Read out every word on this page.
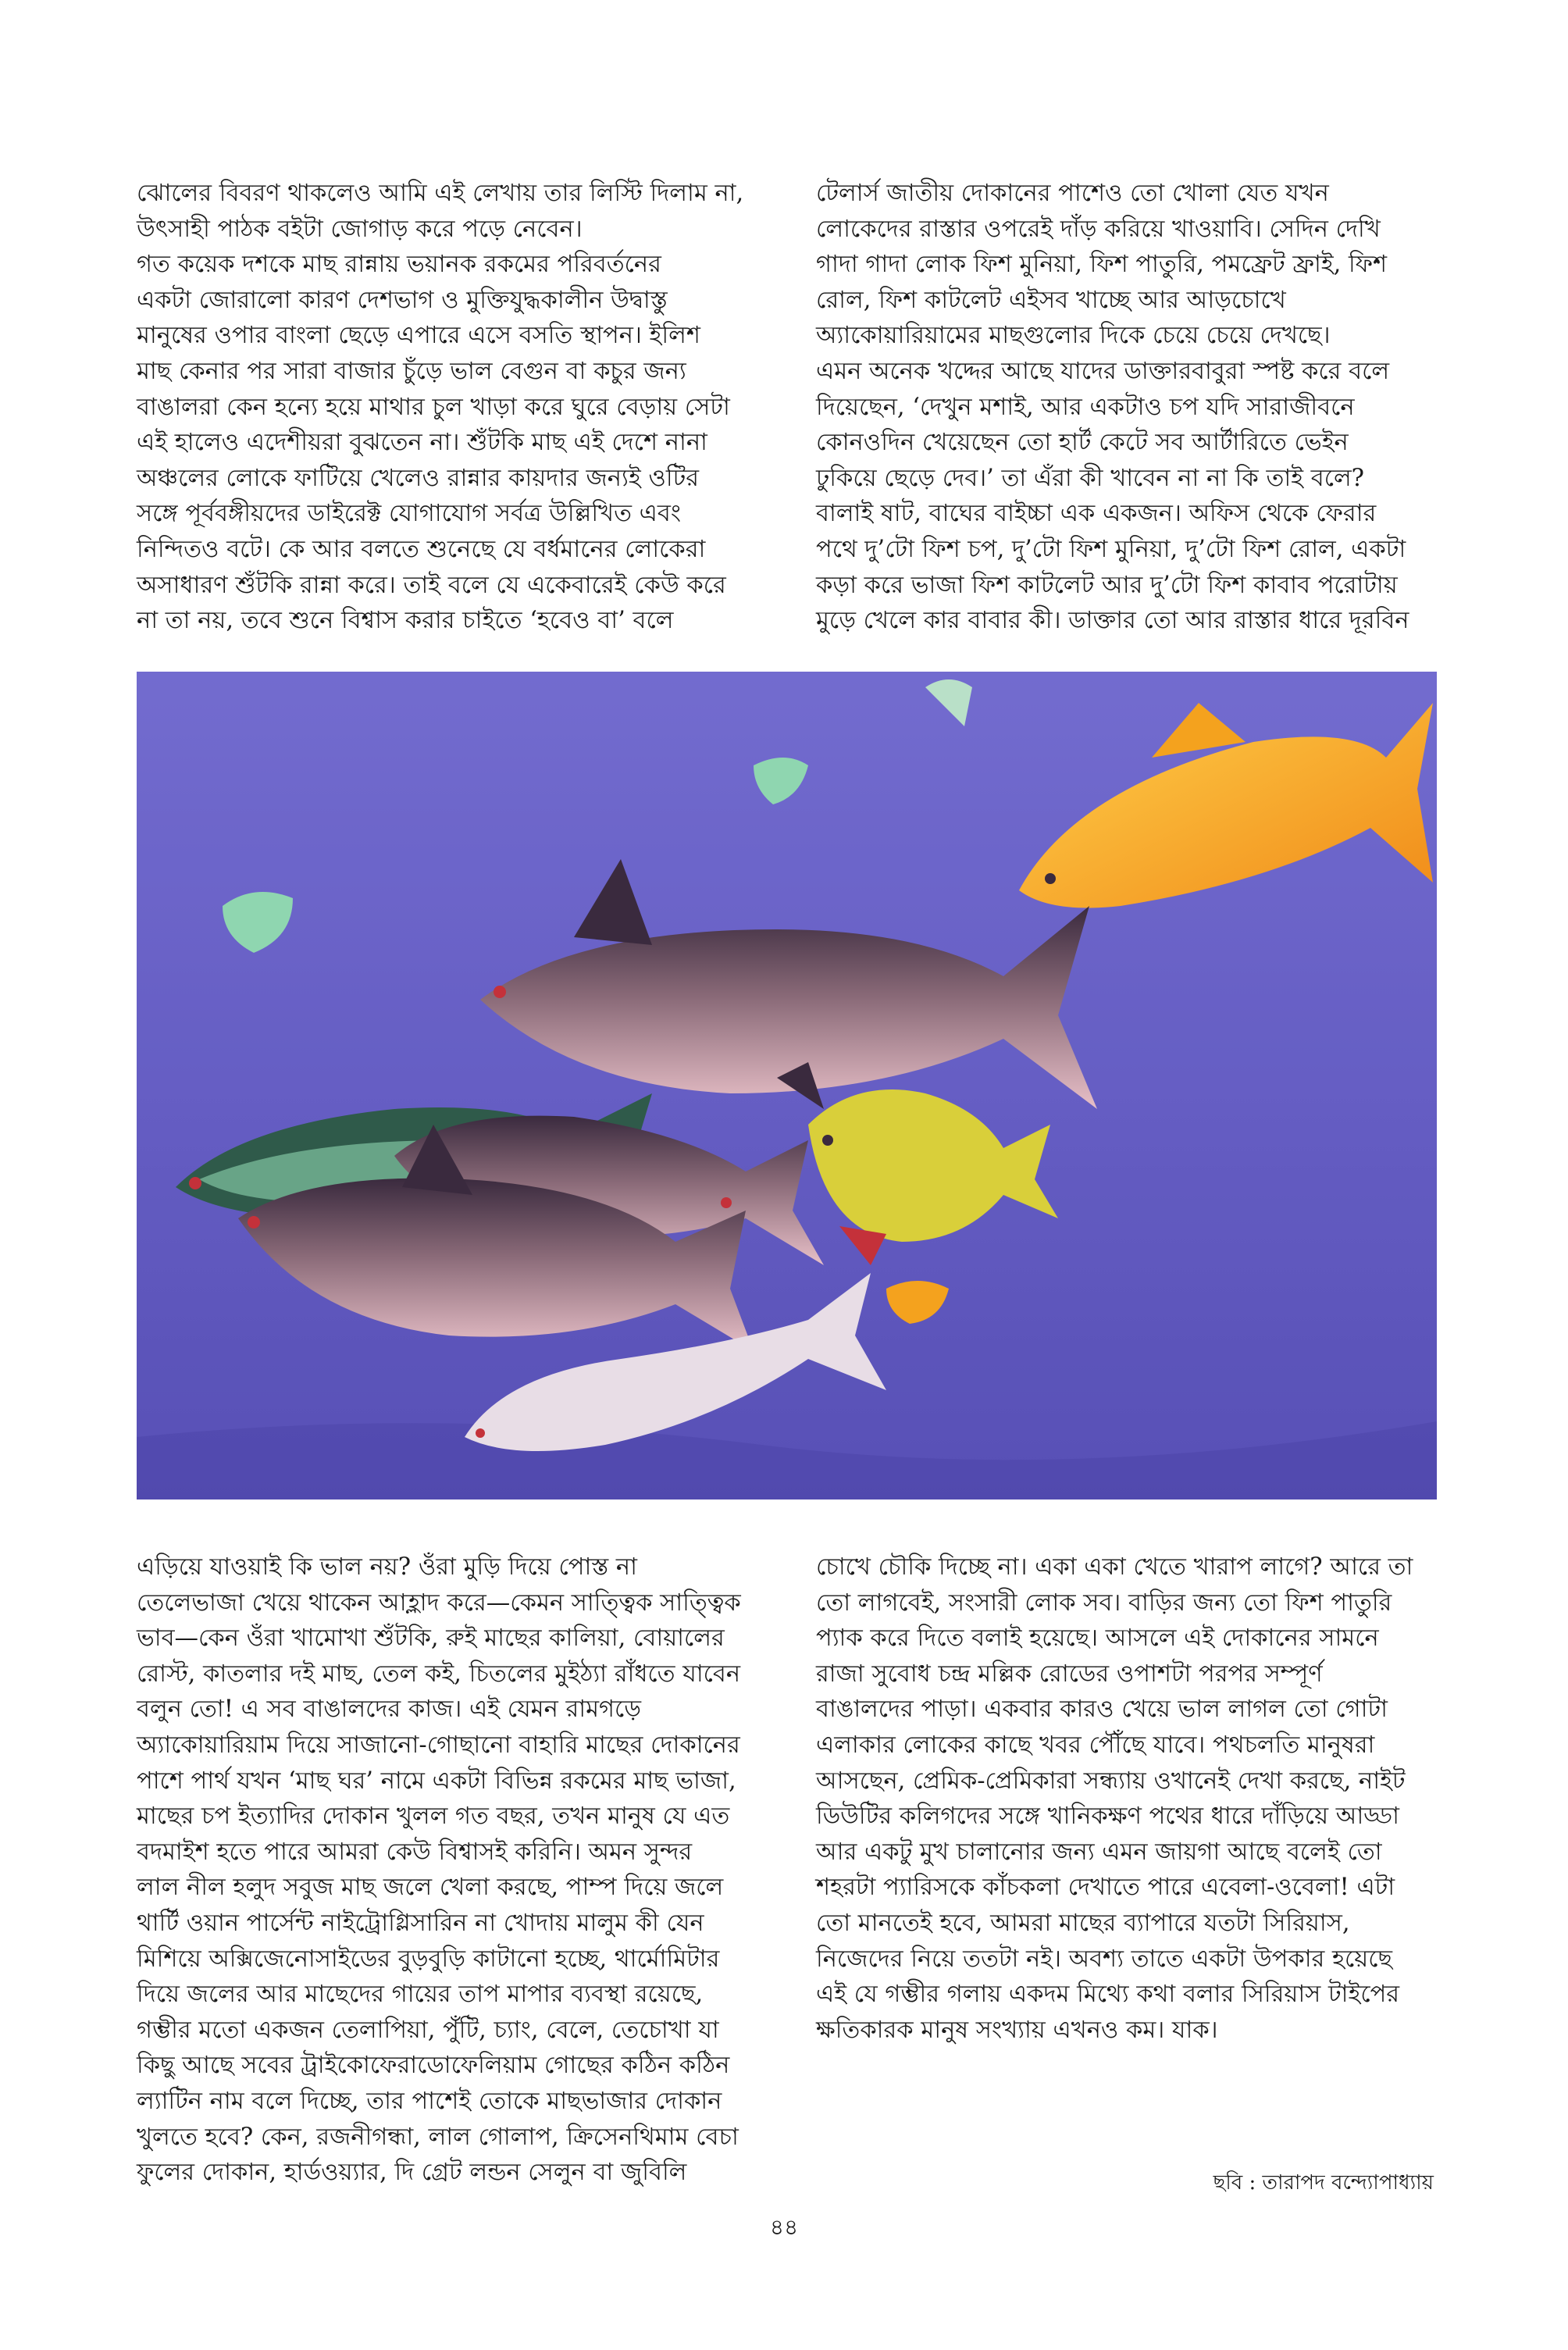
ঝোলের বিবরণ থাকলেও আমি এই লেখায় তার লিস্টি দিলাম না,
উৎসাহী পাঠক বইটা জোগাড় করে পড়ে নেবেন।
গত কয়েক দশকে মাছ রান্নায় ভয়ানক রকমের পরিবর্তনের
একটা জোরালো কারণ দেশভাগ ও মুক্তিযুদ্ধকালীন উদ্বাস্তু
মানুষের ওপার বাংলা ছেড়ে এপারে এসে বসতি স্থাপন। ইলিশ
মাছ কেনার পর সারা বাজার চুঁড়ে ভাল বেগুন বা কচুর জন্য
বাঙালরা কেন হন্যে হয়ে মাথার চুল খাড়া করে ঘুরে বেড়ায় সেটা
এই হালেও এদেশীয়রা বুঝতেন না। শুঁটকি মাছ এই দেশে নানা
অঞ্চলের লোকে ফাটিয়ে খেলেও রান্নার কায়দার জন্যই ওটির
সঙ্গে পূর্ববঙ্গীয়দের ডাইরেক্ট যোগাযোগ সর্বত্র উল্লিখিত এবং
নিন্দিতও বটে। কে আর বলতে শুনেছে যে বর্ধমানের লোকেরা
অসাধারণ শুঁটকি রান্না করে। তাই বলে যে একেবারেই কেউ করে
না তা নয়, তবে শুনে বিশ্বাস করার চাইতে ‘হবেও বা’ বলে
টেলার্স জাতীয় দোকানের পাশেও তো খোলা যেত যখন
লোকেদের রাস্তার ওপরেই দাঁড় করিয়ে খাওয়াবি। সেদিন দেখি
গাদা গাদা লোক ফিশ মুনিয়া, ফিশ পাতুরি, পমফ্রেট ফ্রাই, ফিশ
রোল, ফিশ কাটলেট এইসব খাচ্ছে আর আড়চোখে
অ্যাকোয়ারিয়ামের মাছগুলোর দিকে চেয়ে চেয়ে দেখছে।
এমন অনেক খদ্দের আছে যাদের ডাক্তারবাবুরা স্পষ্ট করে বলে
দিয়েছেন, ‘দেখুন মশাই, আর একটাও চপ যদি সারাজীবনে
কোনওদিন খেয়েছেন তো হার্ট কেটে সব আর্টারিতে ভেইন
ঢুকিয়ে ছেড়ে দেব।’ তা এঁরা কী খাবেন না না কি তাই বলে?
বালাই ষাট, বাঘের বাইচ্চা এক একজন। অফিস থেকে ফেরার
পথে দু’টো ফিশ চপ, দু’টো ফিশ মুনিয়া, দু’টো ফিশ রোল, একটা
কড়া করে ভাজা ফিশ কাটলেট আর দু’টো ফিশ কাবাব পরোটায়
মুড়ে খেলে কার বাবার কী। ডাক্তার তো আর রাস্তার ধারে দূরবিন
এড়িয়ে যাওয়াই কি ভাল নয়? ওঁরা মুড়ি দিয়ে পোস্ত না
তেলেভাজা খেয়ে থাকেন আহ্লাদ করে—কেমন সাত্ত্বিক সাত্ত্বিক
ভাব—কেন ওঁরা খামোখা শুঁটকি, রুই মাছের কালিয়া, বোয়ালের
রোস্ট, কাতলার দই মাছ, তেল কই, চিতলের মুইঠ্যা রাঁধতে যাবেন
বলুন তো! এ সব বাঙালদের কাজ। এই যেমন রামগড়ে
অ্যাকোয়ারিয়াম দিয়ে সাজানো-গোছানো বাহারি মাছের দোকানের
পাশে পার্থ যখন ‘মাছ ঘর’ নামে একটা বিভিন্ন রকমের মাছ ভাজা,
মাছের চপ ইত্যাদির দোকান খুলল গত বছর, তখন মানুষ যে এত
বদমাইশ হতে পারে আমরা কেউ বিশ্বাসই করিনি। অমন সুন্দর
লাল নীল হলুদ সবুজ মাছ জলে খেলা করছে, পাম্প দিয়ে জলে
থার্টি ওয়ান পার্সেন্ট নাইট্রোগ্লিসারিন না খোদায় মালুম কী যেন
মিশিয়ে অক্সিজেনোসাইডের বুড়বুড়ি কাটানো হচ্ছে, থার্মোমিটার
দিয়ে জলের আর মাছেদের গায়ের তাপ মাপার ব্যবস্থা রয়েছে,
গম্ভীর মতো একজন তেলাপিয়া, পুঁটি, চ্যাং, বেলে, তেচোখা যা
কিছু আছে সবের ট্রাইকোফেরাডোফেলিয়াম গোছের কঠিন কঠিন
ল্যাটিন নাম বলে দিচ্ছে, তার পাশেই তোকে মাছভাজার দোকান
খুলতে হবে? কেন, রজনীগন্ধা, লাল গোলাপ, ক্রিসেনথিমাম বেচা
ফুলের দোকান, হার্ডওয়্যার, দি গ্রেট লন্ডন সেলুন বা জুবিলি
চোখে চৌকি দিচ্ছে না। একা একা খেতে খারাপ লাগে? আরে তা
তো লাগবেই, সংসারী লোক সব। বাড়ির জন্য তো ফিশ পাতুরি
প্যাক করে দিতে বলাই হয়েছে। আসলে এই দোকানের সামনে
রাজা সুবোধ চন্দ্র মল্লিক রোডের ওপাশটা পরপর সম্পূর্ণ
বাঙালদের পাড়া। একবার কারও খেয়ে ভাল লাগল তো গোটা
এলাকার লোকের কাছে খবর পৌঁছে যাবে। পথচলতি মানুষরা
আসছেন, প্রেমিক-প্রেমিকারা সন্ধ্যায় ওখানেই দেখা করছে, নাইট
ডিউটির কলিগদের সঙ্গে খানিকক্ষণ পথের ধারে দাঁড়িয়ে আড্ডা
আর একটু মুখ চালানোর জন্য এমন জায়গা আছে বলেই তো
শহরটা প্যারিসকে কাঁচকলা দেখাতে পারে এবেলা-ওবেলা! এটা
তো মানতেই হবে, আমরা মাছের ব্যাপারে যতটা সিরিয়াস,
নিজেদের নিয়ে ততটা নই। অবশ্য তাতে একটা উপকার হয়েছে
এই যে গম্ভীর গলায় একদম মিথ্যে কথা বলার সিরিয়াস টাইপের
ক্ষতিকারক মানুষ সংখ্যায় এখনও কম। যাক।
ছবি : তারাপদ বন্দ্যোপাধ্যায়
৪৪
